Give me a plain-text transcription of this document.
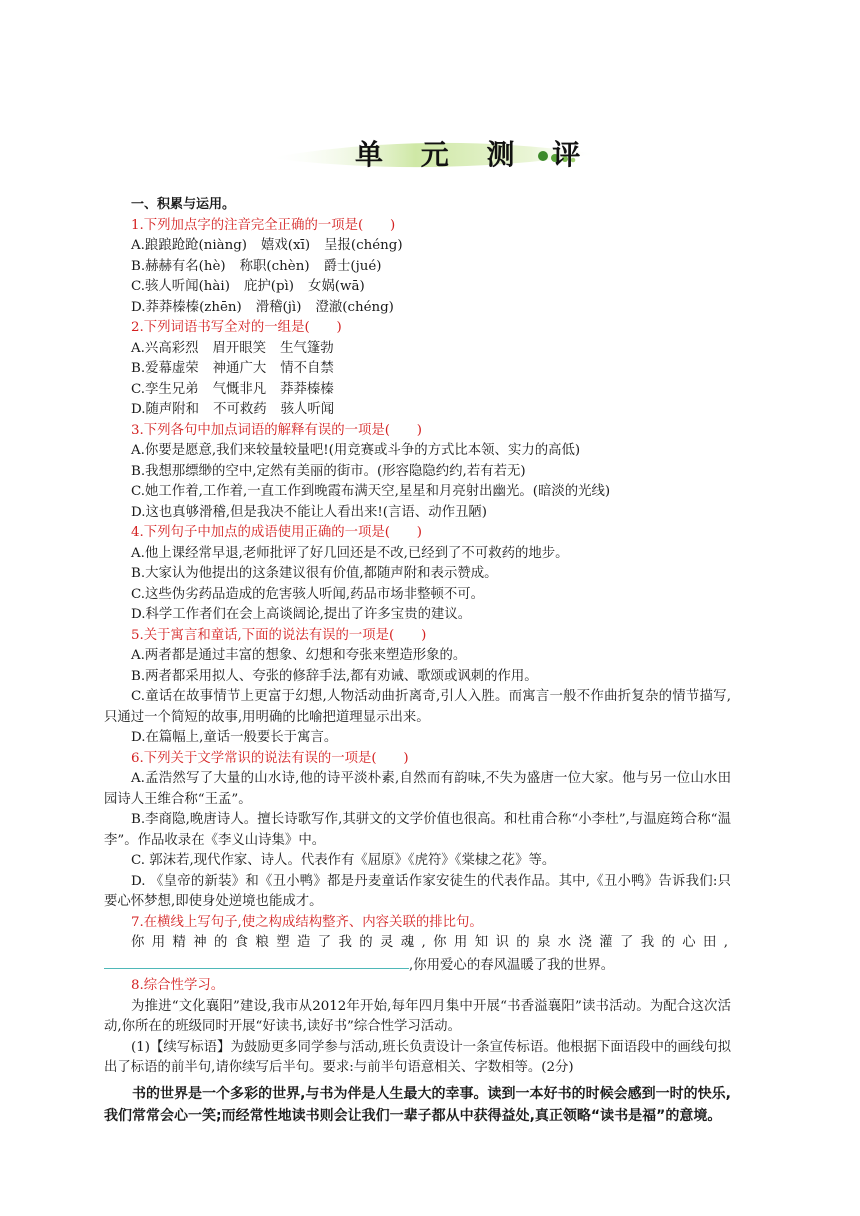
单 元 测 评
一、积累与运用。
1.下列加点字的注音完全正确的一项是(　　)
A.踉踉跄跄(niàng) 嬉戏(xī) 呈报(chéng)
B.赫赫有名(hè) 称职(chèn) 爵士(jué)
C.骇人听闻(hài) 庇护(pì) 女娲(wā)
D.莽莽榛榛(zhēn) 滑稽(jì) 澄澈(chéng)
2.下列词语书写全对的一组是(　　)
A.兴高彩烈 眉开眼笑 生气篷勃
B.爱幕虚荣 神通广大 情不自禁
C.孪生兄弟 气慨非凡 莽莽榛榛
D.随声附和 不可救药 骇人听闻
3.下列各句中加点词语的解释有误的一项是(　　)
A.你要是愿意,我们来较量较量吧!(用竞赛或斗争的方式比本领、实力的高低)
B.我想那缥缈的空中,定然有美丽的街市。(形容隐隐约约,若有若无)
C.她工作着,工作着,一直工作到晚霞布满天空,星星和月亮射出幽光。(暗淡的光线)
D.这也真够滑稽,但是我决不能让人看出来!(言语、动作丑陋)
4.下列句子中加点的成语使用正确的一项是(　　)
A.他上课经常早退,老师批评了好几回还是不改,已经到了不可救药的地步。
B.大家认为他提出的这条建议很有价值,都随声附和表示赞成。
C.这些伪劣药品造成的危害骇人听闻,药品市场非整顿不可。
D.科学工作者们在会上高谈阔论,提出了许多宝贵的建议。
5.关于寓言和童话,下面的说法有误的一项是(　　)
A.两者都是通过丰富的想象、幻想和夸张来塑造形象的。
B.两者都采用拟人、夸张的修辞手法,都有劝诫、歌颂或讽刺的作用。
C.童话在故事情节上更富于幻想,人物活动曲折离奇,引人入胜。而寓言一般不作曲折复杂的情节描写,只通过一个简短的故事,用明确的比喻把道理显示出来。
D.在篇幅上,童话一般要长于寓言。
6.下列关于文学常识的说法有误的一项是(　　)
A.孟浩然写了大量的山水诗,他的诗平淡朴素,自然而有韵味,不失为盛唐一位大家。他与另一位山水田园诗人王维合称“王孟”。
B.李商隐,晚唐诗人。擅长诗歌写作,其骈文的文学价值也很高。和杜甫合称“小李杜”,与温庭筠合称“温李”。作品收录在《李义山诗集》中。
C. 郭沫若,现代作家、诗人。代表作有《屈原》《虎符》《棠棣之花》等。
D. 《皇帝的新装》和《丑小鸭》都是丹麦童话作家安徒生的代表作品。其中,《丑小鸭》告诉我们:只要心怀梦想,即使身处逆境也能成才。
7.在横线上写句子,使之构成结构整齐、内容关联的排比句。
你用精神的食粮塑造了我的灵魂,你用知识的泉水浇灌了我的心田,,你用爱心的春风温暖了我的世界。
8.综合性学习。
为推进“文化襄阳”建设,我市从2012年开始,每年四月集中开展“书香溢襄阳”读书活动。为配合这次活动,你所在的班级同时开展“好读书,读好书”综合性学习活动。
(1)【续写标语】为鼓励更多同学参与活动,班长负责设计一条宣传标语。他根据下面语段中的画线句拟出了标语的前半句,请你续写后半句。要求:与前半句语意相关、字数相等。(2分)
书的世界是一个多彩的世界,与书为伴是人生最大的幸事。读到一本好书的时候会感到一时的快乐,我们常常会心一笑;而经常性地读书则会让我们一辈子都从中获得益处,真正领略“读书是福”的意境。
